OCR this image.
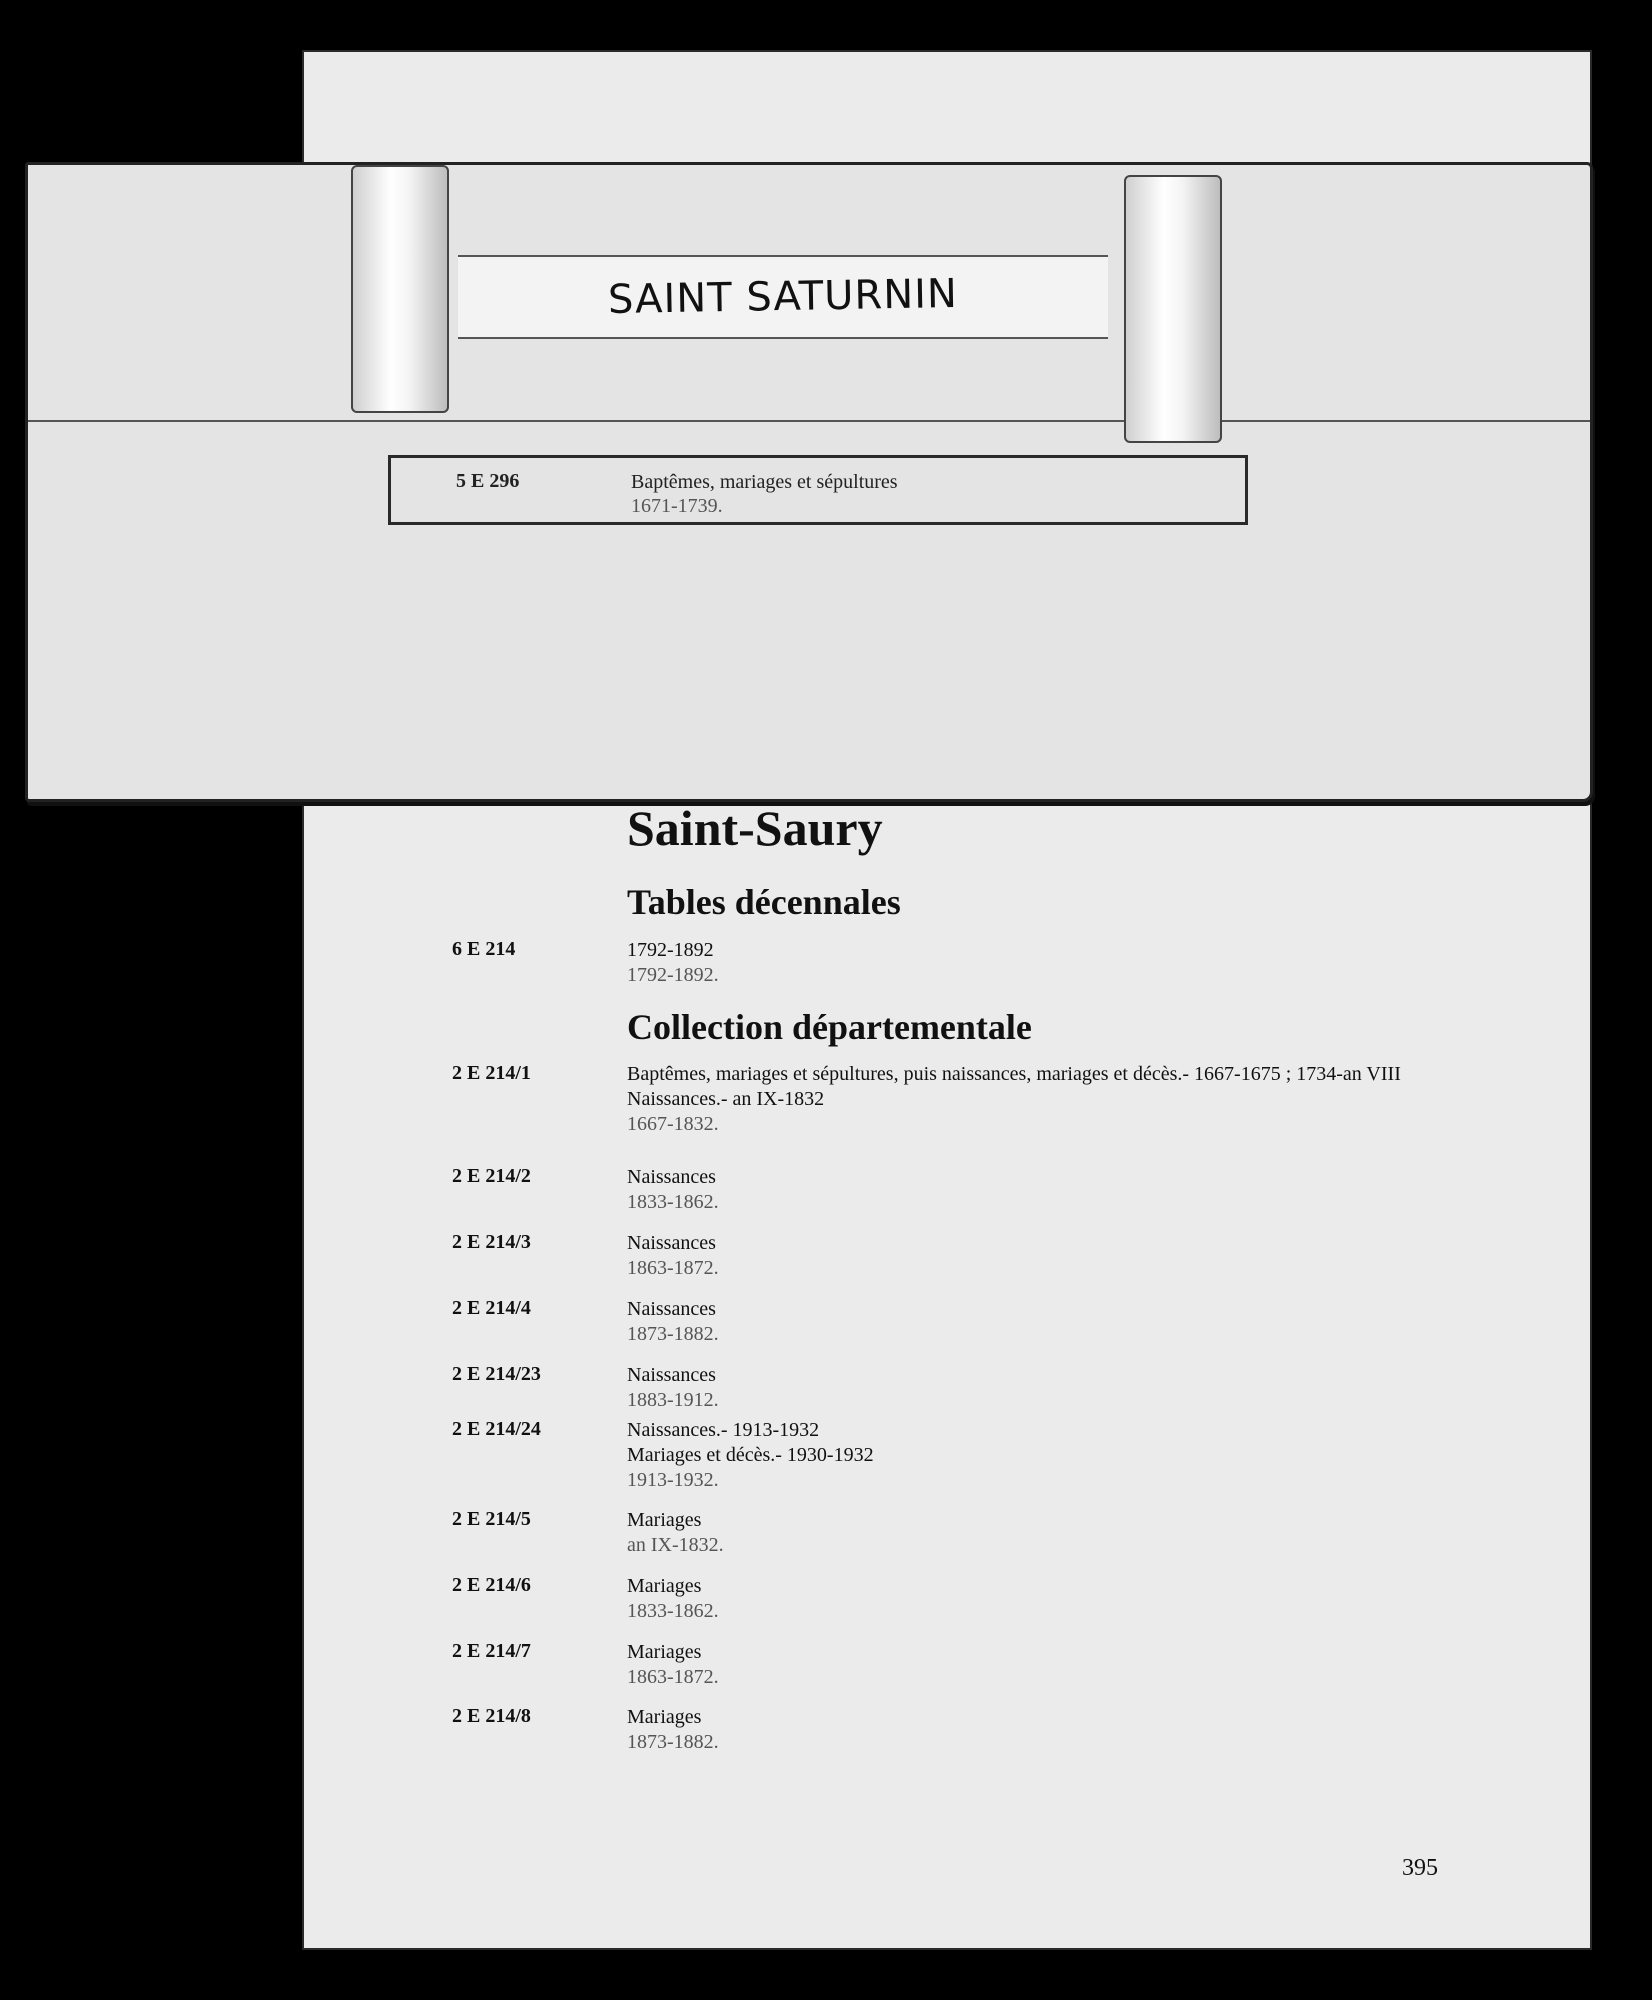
SAINT SATURNIN
5 E 296	Baptêmes, mariages et sépultures
1671-1739.
Saint-Saury
Tables décennales
6 E 214	1792-1892
1792-1892.
Collection départementale
2 E 214/1	Baptêmes, mariages et sépultures, puis naissances, mariages et décès.- 1667-1675 ; 1734-an VIII
Naissances.- an IX-1832
1667-1832.
2 E 214/2	Naissances
1833-1862.
2 E 214/3	Naissances
1863-1872.
2 E 214/4	Naissances
1873-1882.
2 E 214/23	Naissances
1883-1912.
2 E 214/24	Naissances.- 1913-1932
Mariages et décès.- 1930-1932
1913-1932.
2 E 214/5	Mariages
an IX-1832.
2 E 214/6	Mariages
1833-1862.
2 E 214/7	Mariages
1863-1872.
2 E 214/8	Mariages
1873-1882.
395
